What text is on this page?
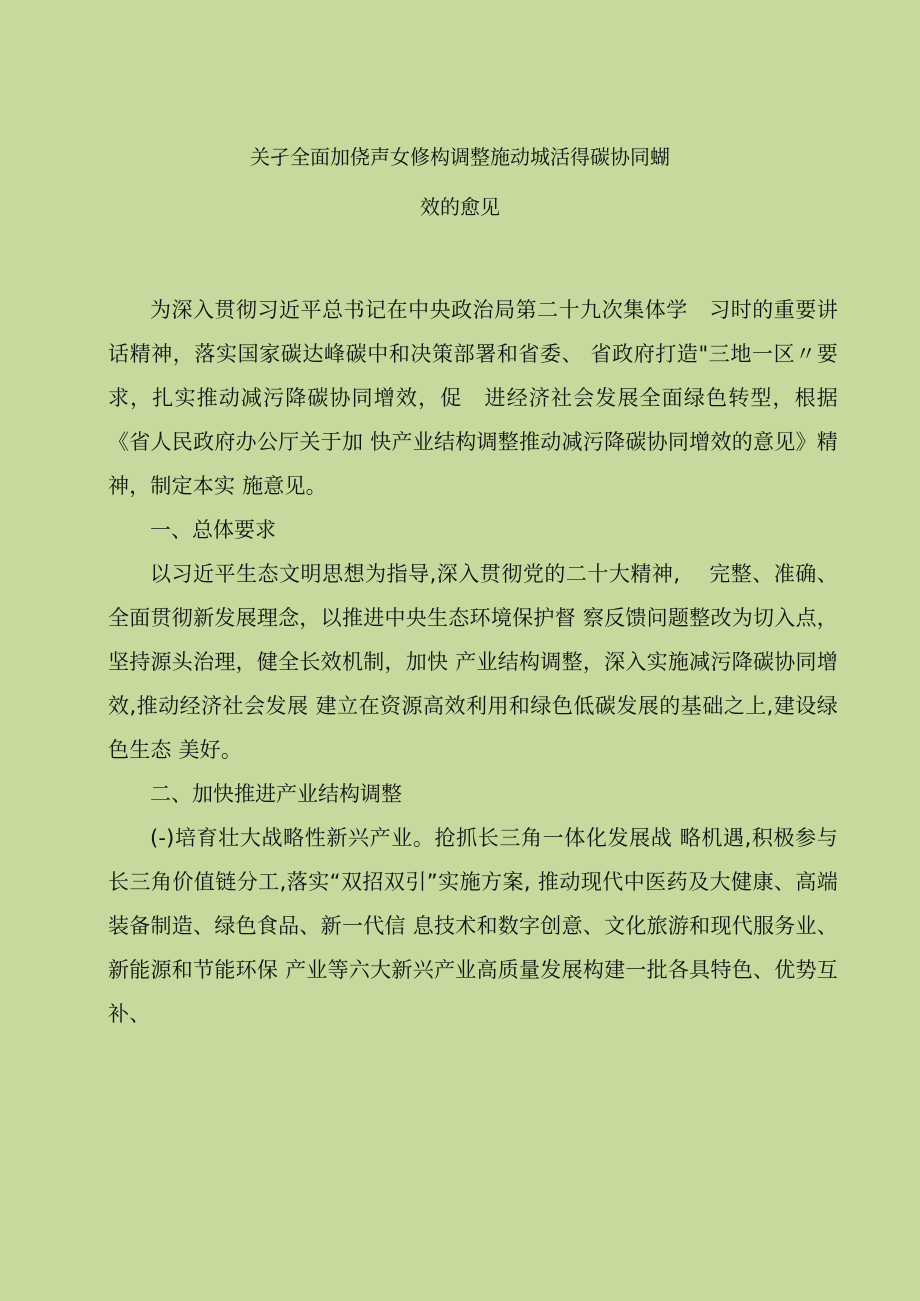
关孑全面加侥声女修构调整施动城活得碳协同蝴
效的愈见

为深入贯彻习近平总书记在中央政治局第二十九次集体学　习时的重要讲话精神，落实国家碳达峰碳中和决策部署和省委、 省政府打造"三地一区〃要求，扎实推动减污降碳协同增效，促　进经济社会发展全面绿色转型，根据《省人民政府办公厅关于加 快产业结构调整推动减污降碳协同增效的意见》精神，制定本实 施意见。

一、总体要求

以习近平生态文明思想为指导,深入贯彻党的二十大精神,　 完整、准确、全面贯彻新发展理念，以推进中央生态环境保护督 察反馈问题整改为切入点，坚持源头治理，健全长效机制，加快 产业结构调整，深入实施减污降碳协同增效,推动经济社会发展 建立在资源高效利用和绿色低碳发展的基础之上,建设绿色生态 美好。

二、加快推进产业结构调整

(-)培育壮大战略性新兴产业。抢抓长三角一体化发展战 略机遇,积极参与长三角价值链分工,落实“双招双引”实施方案, 推动现代中医药及大健康、高端装备制造、绿色食品、新一代信 息技术和数字创意、文化旅游和现代服务业、新能源和节能环保 产业等六大新兴产业高质量发展构建一批各具特色、优势互补、
